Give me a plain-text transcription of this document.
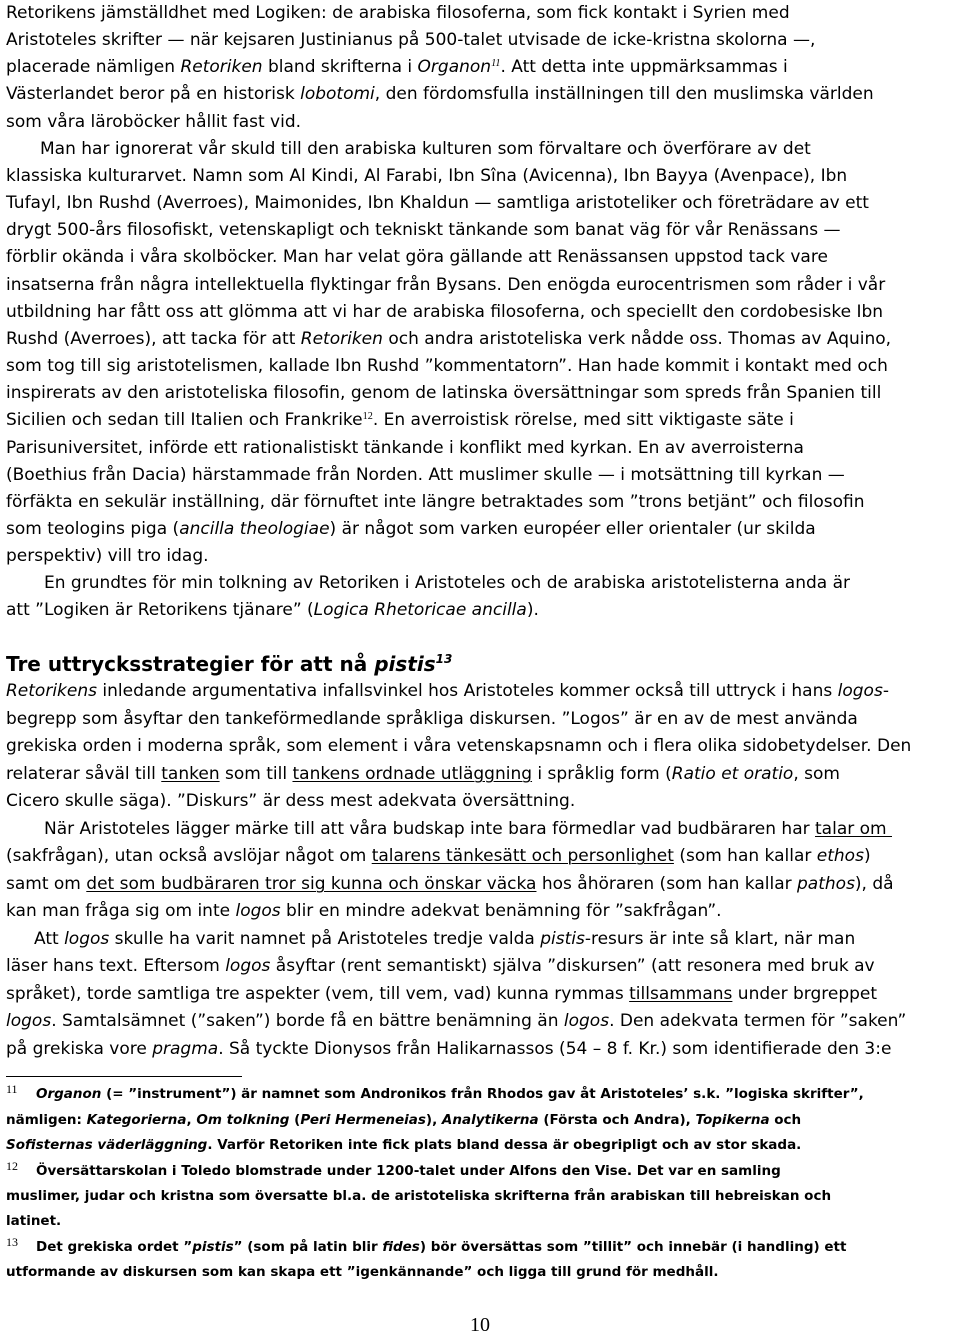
Retorikens jämställdhet med Logiken: de arabiska filosoferna, som fick kontakt i Syrien med
Aristoteles skrifter — när kejsaren Justinianus på 500-talet utvisade de icke-kristna skolorna —,
placerade nämligen Retoriken bland skrifterna i Organon$^{11}$. Att detta inte uppmärksammas i
Västerlandet beror på en historisk lobotomi, den fördomsfulla inställningen till den muslimska världen
som våra läroböcker hållit fast vid.
Man har ignorerat vår skuld till den arabiska kulturen som förvaltare och överförare av det
klassiska kulturarvet. Namn som Al Kindi, Al Farabi, Ibn Sîna (Avicenna), Ibn Bayya (Avenpace), Ibn
Tufayl, Ibn Rushd (Averroes), Maimonides, Ibn Khaldun — samtliga aristoteliker och företrädare av ett
drygt 500-års filosofiskt, vetenskapligt och tekniskt tänkande som banat väg för vår Renässans —
förblir okända i våra skolböcker. Man har velat göra gällande att Renässansen uppstod tack vare
insatserna från några intellektuella flyktingar från Bysans. Den enögda eurocentrismen som råder i vår
utbildning har fått oss att glömma att vi har de arabiska filosoferna, och speciellt den cordobesiske Ibn
Rushd (Averroes), att tacka för att Retoriken och andra aristoteliska verk nådde oss. Thomas av Aquino,
som tog till sig aristotelismen, kallade Ibn Rushd ”kommentatorn”. Han hade kommit i kontakt med och
inspirerats av den aristoteliska filosofin, genom de latinska översättningar som spreds från Spanien till
Sicilien och sedan till Italien och Frankrike$^{12}$. En averroistisk rörelse, med sitt viktigaste säte i
Parisuniversitet, införde ett rationalistiskt tänkande i konflikt med kyrkan. En av averroisterna
(Boethius från Dacia) härstammade från Norden. Att muslimer skulle — i motsättning till kyrkan —
förfäkta en sekulär inställning, där förnuftet inte längre betraktades som ”trons betjänt” och filosofin
som teologins piga (ancilla theologiae) är något som varken européer eller orientaler (ur skilda
perspektiv) vill tro idag.
En grundtes för min tolkning av Retoriken i Aristoteles och de arabiska aristotelisterna anda är
att ”Logiken är Retorikens tjänare” (Logica Rhetoricae ancilla).
Tre uttrycksstrategier för att nå pistis$^{13}$
Retorikens inledande argumentativa infallsvinkel hos Aristoteles kommer också till uttryck i hans logos-
begrepp som åsyftar den tankeförmedlande språkliga diskursen. ”Logos” är en av de mest använda
grekiska orden i moderna språk, som element i våra vetenskapsnamn och i flera olika sidobetydelser. Den
relaterar såväl till tanken som till tankens ordnade utläggning i språklig form (Ratio et oratio, som
Cicero skulle säga). ”Diskurs” är dess mest adekvata översättning.
När Aristoteles lägger märke till att våra budskap inte bara förmedlar vad budbäraren har talar om
(sakfrågan), utan också avslöjar något om talarens tänkesätt och personlighet (som han kallar ethos)
samt om det som budbäraren tror sig kunna och önskar väcka hos åhöraren (som han kallar pathos), då
kan man fråga sig om inte logos blir en mindre adekvat benämning för ”sakfrågan”.
Att logos skulle ha varit namnet på Aristoteles tredje valda pistis-resurs är inte så klart, när man
läser hans text. Eftersom logos åsyftar (rent semantiskt) själva ”diskursen” (att resonera med bruk av
språket), torde samtliga tre aspekter (vem, till vem, vad) kunna rymmas tillsammans under brgreppet
logos. Samtalsämnet (”saken”) borde få en bättre benämning än logos. Den adekvata termen för ”saken”
på grekiska vore pragma. Så tyckte Dionysos från Halikarnassos (54 – 8 f. Kr.) som identifierade den 3:e
11 Organon (= ”instrument”) är namnet som Andronikos från Rhodos gav åt Aristoteles’ s.k. ”logiska skrifter”,
nämligen: Kategorierna, Om tolkning (Peri Hermeneias), Analytikerna (Första och Andra), Topikerna och
Sofisternas väderläggning. Varför Retoriken inte fick plats bland dessa är obegripligt och av stor skada.
12 Översättarskolan i Toledo blomstrade under 1200-talet under Alfons den Vise. Det var en samling
muslimer, judar och kristna som översatte bl.a. de aristoteliska skrifterna från arabiskan till hebreiskan och
latinet.
13 Det grekiska ordet ”pistis” (som på latin blir fides) bör översättas som ”tillit” och innebär (i handling) ett
utformande av diskursen som kan skapa ett ”igenkännande” och ligga till grund för medhåll.
10
